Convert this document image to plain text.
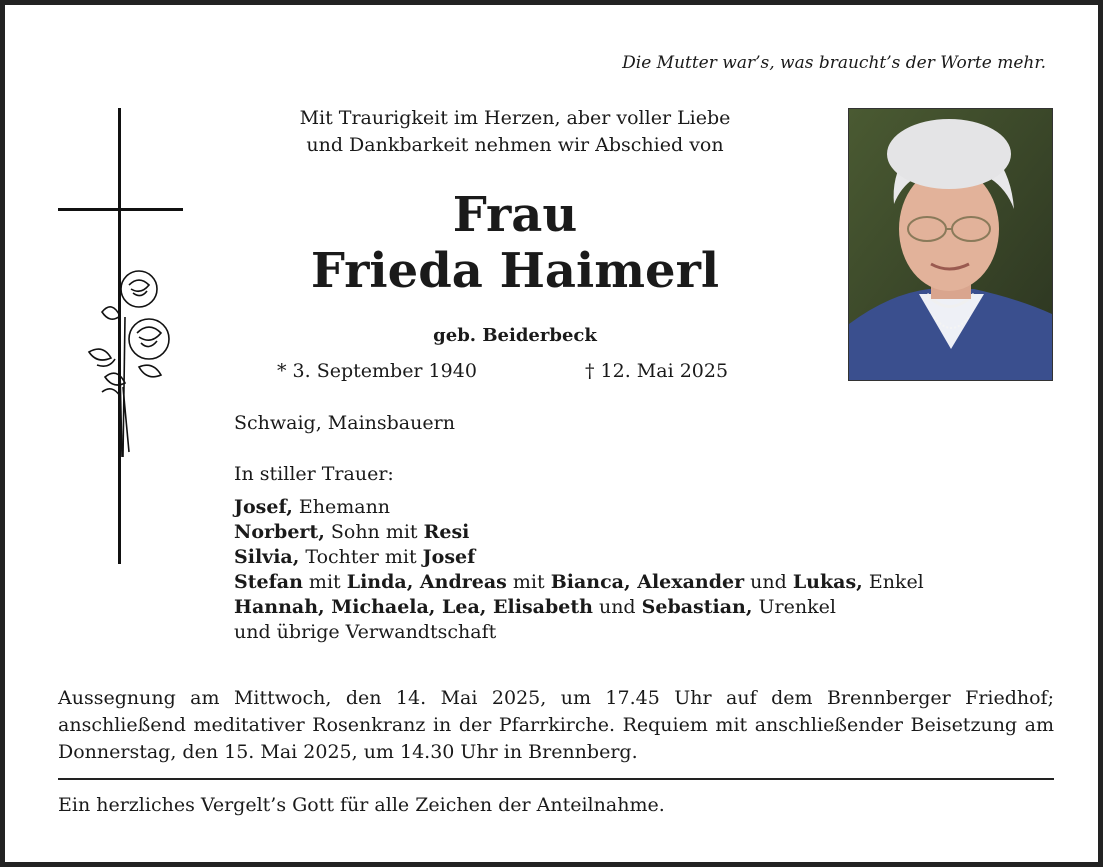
Die Mutter war’s, was braucht’s der Worte mehr.
Mit Traurigkeit im Herzen, aber voller Liebe
und Dankbarkeit nehmen wir Abschied von
Frau
Frieda Haimerl
geb. Beiderbeck
* 3. September 1940	† 12. Mai 2025
Schwaig, Mainsbauern
In stiller Trauer:
Josef, Ehemann
Norbert, Sohn mit Resi
Silvia, Tochter mit Josef
Stefan mit Linda, Andreas mit Bianca, Alexander und Lukas, Enkel
Hannah, Michaela, Lea, Elisabeth und Sebastian, Urenkel
und übrige Verwandtschaft
Aussegnung am Mittwoch, den 14. Mai 2025, um 17.45 Uhr auf dem Brennberger Friedhof; anschließend meditativer Rosenkranz in der Pfarrkirche. Requiem mit anschließender Beisetzung am Donnerstag, den 15. Mai 2025, um 14.30 Uhr in Brennberg.
Ein herzliches Vergelt’s Gott für alle Zeichen der Anteilnahme.
